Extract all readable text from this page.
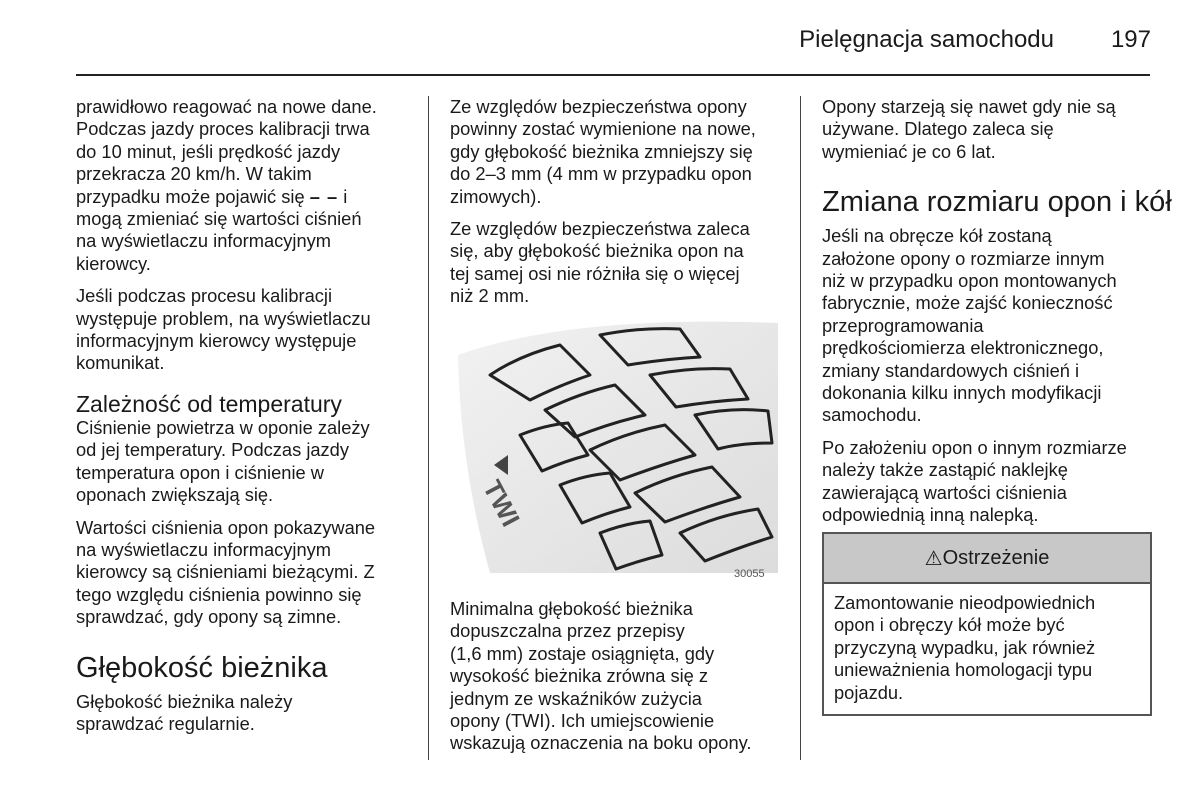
Pielęgnacja samochodu 197

prawidłowo reagować na nowe dane.
Podczas jazdy proces kalibracji trwa
do 10 minut, jeśli prędkość jazdy
przekracza 20 km/h. W takim
przypadku może pojawić się – – i
mogą zmieniać się wartości ciśnień
na wyświetlaczu informacyjnym
kierowcy.

Jeśli podczas procesu kalibracji
występuje problem, na wyświetlaczu
informacyjnym kierowcy występuje
komunikat.

Zależność od temperatury

Ciśnienie powietrza w oponie zależy
od jej temperatury. Podczas jazdy
temperatura opon i ciśnienie w
oponach zwiększają się.

Wartości ciśnienia opon pokazywane
na wyświetlaczu informacyjnym
kierowcy są ciśnieniami bieżącymi. Z
tego względu ciśnienia powinno się
sprawdzać, gdy opony są zimne.

Głębokość bieżnika

Głębokość bieżnika należy
sprawdzać regularnie.

Ze względów bezpieczeństwa opony
powinny zostać wymienione na nowe,
gdy głębokość bieżnika zmniejszy się
do 2–3 mm (4 mm w przypadku opon
zimowych).

Ze względów bezpieczeństwa zaleca
się, aby głębokość bieżnika opon na
tej samej osi nie różniła się o więcej
niż 2 mm.

TWI
30055

Minimalna głębokość bieżnika
dopuszczalna przez przepisy
(1,6 mm) zostaje osiągnięta, gdy
wysokość bieżnika zrówna się z
jednym ze wskaźników zużycia
opony (TWI). Ich umiejscowienie
wskazują oznaczenia na boku opony.

Opony starzeją się nawet gdy nie są
używane. Dlatego zaleca się
wymieniać je co 6 lat.

Zmiana rozmiaru opon i kół

Jeśli na obręcze kół zostaną
założone opony o rozmiarze innym
niż w przypadku opon montowanych
fabrycznie, może zajść konieczność
przeprogramowania
prędkościomierza elektronicznego,
zmiany standardowych ciśnień i
dokonania kilku innych modyfikacji
samochodu.

Po założeniu opon o innym rozmiarze
należy także zastąpić naklejkę
zawierającą wartości ciśnienia
odpowiednią inną nalepką.

⚠ Ostrzeżenie
Zamontowanie nieodpowiednich
opon i obręczy kół może być
przyczyną wypadku, jak również
unieważnienia homologacji typu
pojazdu.
